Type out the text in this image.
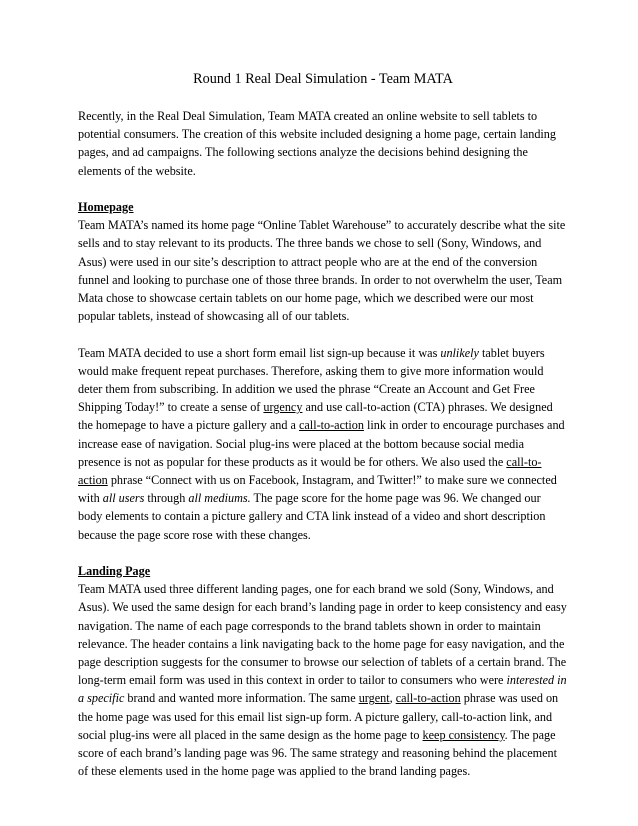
Round 1 Real Deal Simulation - Team MATA

Recently, in the Real Deal Simulation, Team MATA created an online website to sell tablets to potential consumers. The creation of this website included designing a home page, certain landing pages, and ad campaigns. The following sections analyze the decisions behind designing the elements of the website.

Homepage

Team MATA’s named its home page “Online Tablet Warehouse” to accurately describe what the site sells and to stay relevant to its products. The three bands we chose to sell (Sony, Windows, and Asus) were used in our site’s description to attract people who are at the end of the conversion funnel and looking to purchase one of those three brands. In order to not overwhelm the user, Team Mata chose to showcase certain tablets on our home page, which we described were our most popular tablets, instead of showcasing all of our tablets.

Team MATA decided to use a short form email list sign-up because it was unlikely tablet buyers would make frequent repeat purchases. Therefore, asking them to give more information would deter them from subscribing. In addition we used the phrase “Create an Account and Get Free Shipping Today!” to create a sense of urgency and use call-to-action (CTA) phrases. We designed the homepage to have a picture gallery and a call-to-action link in order to encourage purchases and increase ease of navigation. Social plug-ins were placed at the bottom because social media presence is not as popular for these products as it would be for others. We also used the call-to-action phrase “Connect with us on Facebook, Instagram, and Twitter!” to make sure we connected with all users through all mediums. The page score for the home page was 96. We changed our body elements to contain a picture gallery and CTA link instead of a video and short description because the page score rose with these changes.

Landing Page

Team MATA used three different landing pages, one for each brand we sold (Sony, Windows, and Asus). We used the same design for each brand’s landing page in order to keep consistency and easy navigation. The name of each page corresponds to the brand tablets shown in order to maintain relevance. The header contains a link navigating back to the home page for easy navigation, and the page description suggests for the consumer to browse our selection of tablets of a certain brand. The long-term email form was used in this context in order to tailor to consumers who were interested in a specific brand and wanted more information. The same urgent, call-to-action phrase was used on the home page was used for this email list sign-up form. A picture gallery, call-to-action link, and social plug-ins were all placed in the same design as the home page to keep consistency. The page score of each brand’s landing page was 96. The same strategy and reasoning behind the placement of these elements used in the home page was applied to the brand landing pages.
